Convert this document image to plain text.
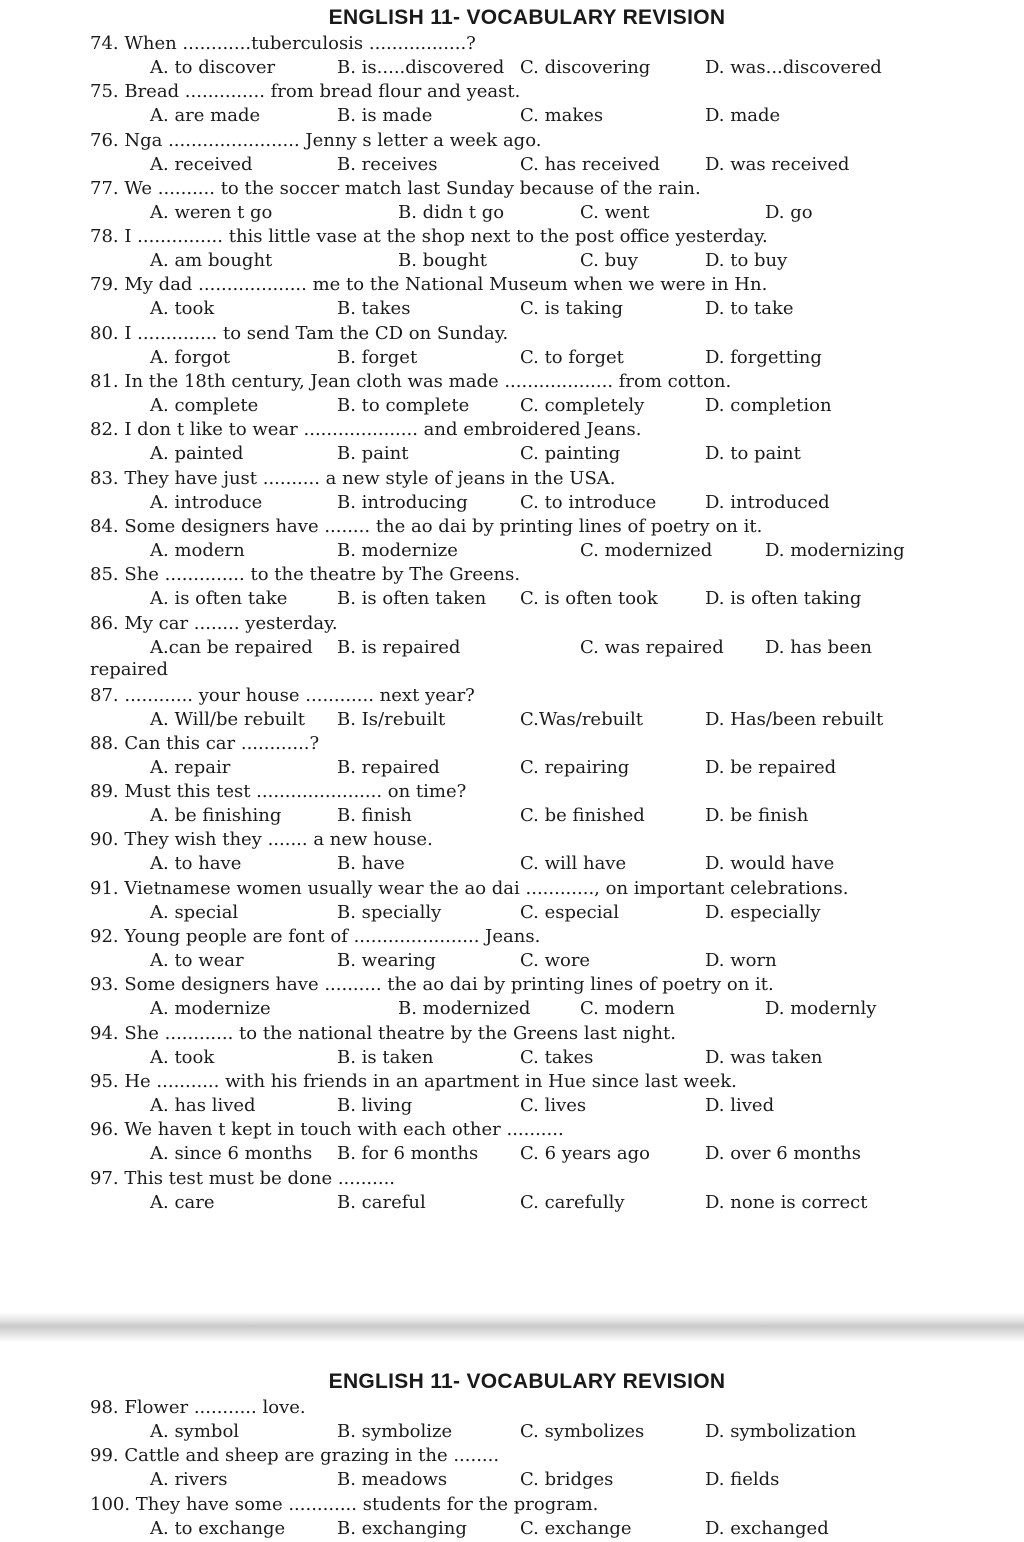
ENGLISH 11- VOCABULARY REVISION
74. When ............tuberculosis .................?
A. to discover	B. is.....discovered C. discovering	D. was...discovered
75. Bread .............. from bread flour and yeast.
A. are made	B. is made	C. makes	D. made
76. Nga ....................... Jenny s letter a week ago.
A. received	B. receives	C. has received	D. was received
77. We .......... to the soccer match last Sunday because of the rain.
A. weren t go	B. didn t go	C. went	D. go
78. I ............... this little vase at the shop next to the post office yesterday.
A. am bought	B. bought	C. buy	D. to buy
79. My dad ................... me to the National Museum when we were in Hn.
A. took	B. takes	C. is taking	D. to take
80. I .............. to send Tam the CD on Sunday.
A. forgot	B. forget	C. to forget	D. forgetting
81. In the 18th century, Jean cloth was made ................... from cotton.
A. complete	B. to complete	C. completely	D. completion
82. I don t like to wear .................... and embroidered Jeans.
A. painted	B. paint	C. painting	D. to paint
83. They have just .......... a new style of jeans in the USA.
A. introduce	B. introducing	C. to introduce	D. introduced
84. Some designers have ........ the ao dai by printing lines of poetry on it.
A. modern	B. modernize	C. modernized	D. modernizing
85. She .............. to the theatre by The Greens.
A. is often take	B. is often taken C. is often took	D. is often taking
86. My car ........ yesterday.
A.can be repaired B. is repaired	C. was repaired D. has been
repaired
87. ............ your house ............ next year?
A. Will/be rebuilt B. Is/rebuilt	C.Was/rebuilt	D. Has/been rebuilt
88. Can this car ............?
A. repair	B. repaired	C. repairing	D. be repaired
89. Must this test ...................... on time?
A. be finishing	B. finish	C. be finished	D. be finish
90. They wish they ....... a new house.
A. to have	B. have	C. will have	D. would have
91. Vietnamese women usually wear the ao dai ............, on important celebrations.
A. special	B. specially	C. especial	D. especially
92. Young people are font of ...................... Jeans.
A. to wear	B. wearing	C. wore	D. worn
93. Some designers have .......... the ao dai by printing lines of poetry on it.
A. modernize	B. modernized	C. modern	D. modernly
94. She ............ to the national theatre by the Greens last night.
A. took	B. is taken	C. takes	D. was taken
95. He ........... with his friends in an apartment in Hue since last week.
A. has lived	B. living	C. lives	D. lived
96. We haven t kept in touch with each other ..........
A. since 6 months B. for 6 months C. 6 years ago	D. over 6 months
97. This test must be done ..........
A. care	B. careful	C. carefully	D. none is correct
ENGLISH 11- VOCABULARY REVISION
98. Flower ........... love.
A. symbol	B. symbolize	C. symbolizes	D. symbolization
99. Cattle and sheep are grazing in the ........
A. rivers	B. meadows	C. bridges	D. fields
100. They have some ............ students for the program.
A. to exchange	B. exchanging	C. exchange	D. exchanged
